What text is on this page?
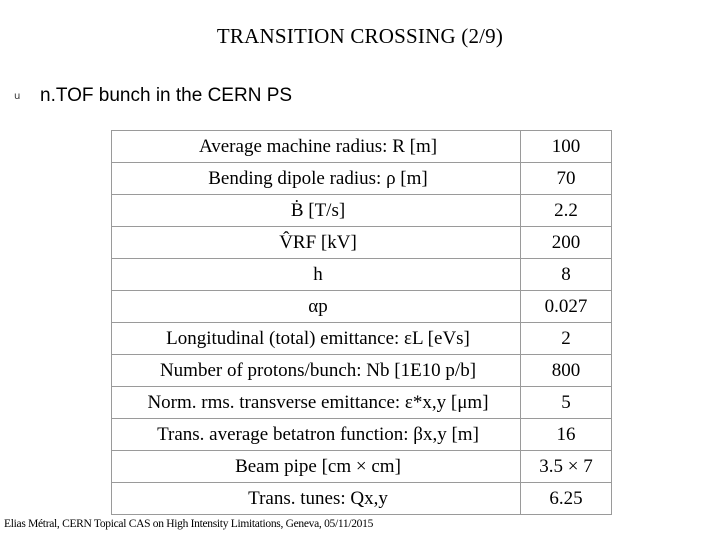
TRANSITION CROSSING (2/9)
u	n.TOF bunch in the CERN PS
Average machine radius: R [m]	100
Bending dipole radius: ρ [m]	70
Ḃ [T/s]	2.2
V̂RF [kV]	200
h	8
αp	0.027
Longitudinal (total) emittance: εL [eVs]	2
Number of protons/bunch: Nb [1E10 p/b]	800
Norm. rms. transverse emittance: ε*x,y [μm]	5
Trans. average betatron function: βx,y [m]	16
Beam pipe [cm × cm]	3.5 × 7
Trans. tunes: Qx,y	6.25
Elias Métral, CERN Topical CAS on High Intensity Limitations, Geneva, 05/11/2015
